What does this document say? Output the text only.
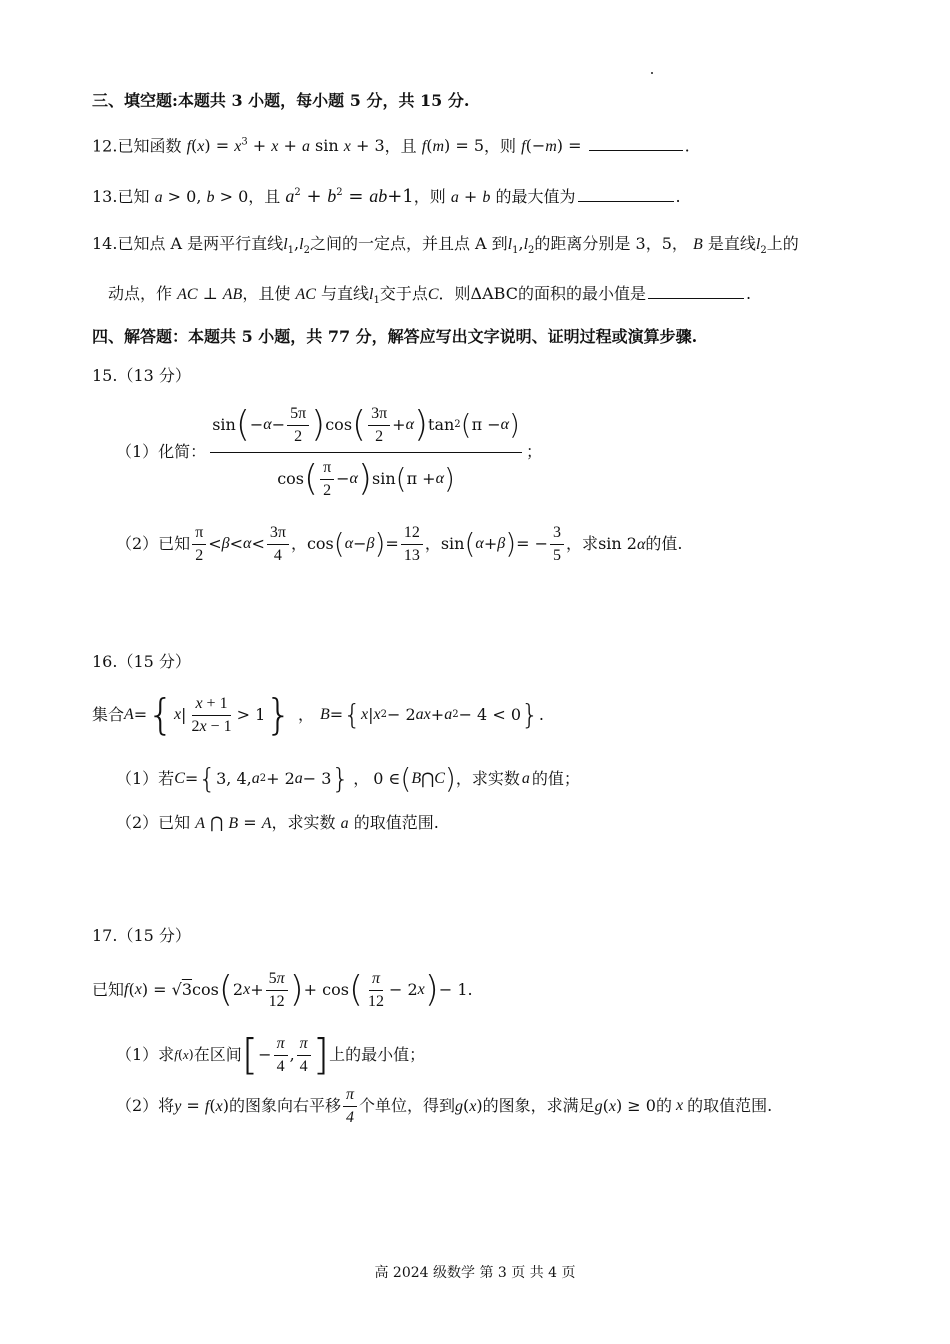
三、填空题:本题共 3 小题，每小题 5 分，共 15 分.
12.已知函数 $f(x) = x^3 + x + a$ sin x + 3，且 f(m) = 5，则 f(−m) =	.
13.已知 a > 0, b > 0，且 $a^2 + b^2 = ab+1$，则 a + b 的最大值为	.
14.已知点 A 是两平行直线$l_1,l_2$之间的一定点，并且点 A 到$l_1,l_2$的距离分别是 3，5， B 是直线$l_2$上的
动点，作 AC ⊥ AB，且使 AC 与直线$l_1$交于点C．则ΔABC的面积的最小值是	.
四、解答题：本题共 5 小题，共 77 分，解答应写出文字说明、证明过程或演算步骤.
15.（13 分）
（1）化简： $\frac{\sin ( - \alpha - \frac{5\pi}{2} ) \cos ( \frac{3\pi}{2} + \alpha ) \tan 2 ( \pi - \alpha )}{\cos ( \frac{\pi}{2} - \alpha ) \sin ( \pi + \alpha )}$ ；
（2）已知 $\frac{\pi}{2} < \beta < \alpha < \frac{3\pi}{4}$ ， cos ( α − β ) = $\frac{12}{13}$ ， sin ( α + β ) = − $\frac{3}{5}$ ，求 sin 2α 的值.
16.（15 分）
集合 A = { x | $\frac{x + 1}{2x - 1} > 1$ } ， B = { x | x 2 − 2 ax + a 2 − 4 < 0 } .
（1）若 C = { 3, 4, a 2 + 2 a − 3 } ， 0 ∈ ( B ⋂ C ) ，求实数 a 的值；
（2）已知 A ⋂ B = A，求实数 a 的取值范围.
17.（15 分）
已知 f ( x ) = √ 3 cos ( 2 $x + \frac{5\pi}{12}$ ) + cos ( $\frac{\pi}{12} - 2$ x ) − 1 .
（1）求 f(x) 在区间 [ − $\frac{\pi}{4}$ , $\frac{\pi}{4}$ ] 上的最小值；
（2）将 y = f(x) 的图象向右平移 $\frac{\pi}{4}$ 个单位，得到 g(x) 的图象，求满足 g(x) ≥ 0 的 x 的取值范围.
高 2024 级数学 第 3 页 共 4 页
